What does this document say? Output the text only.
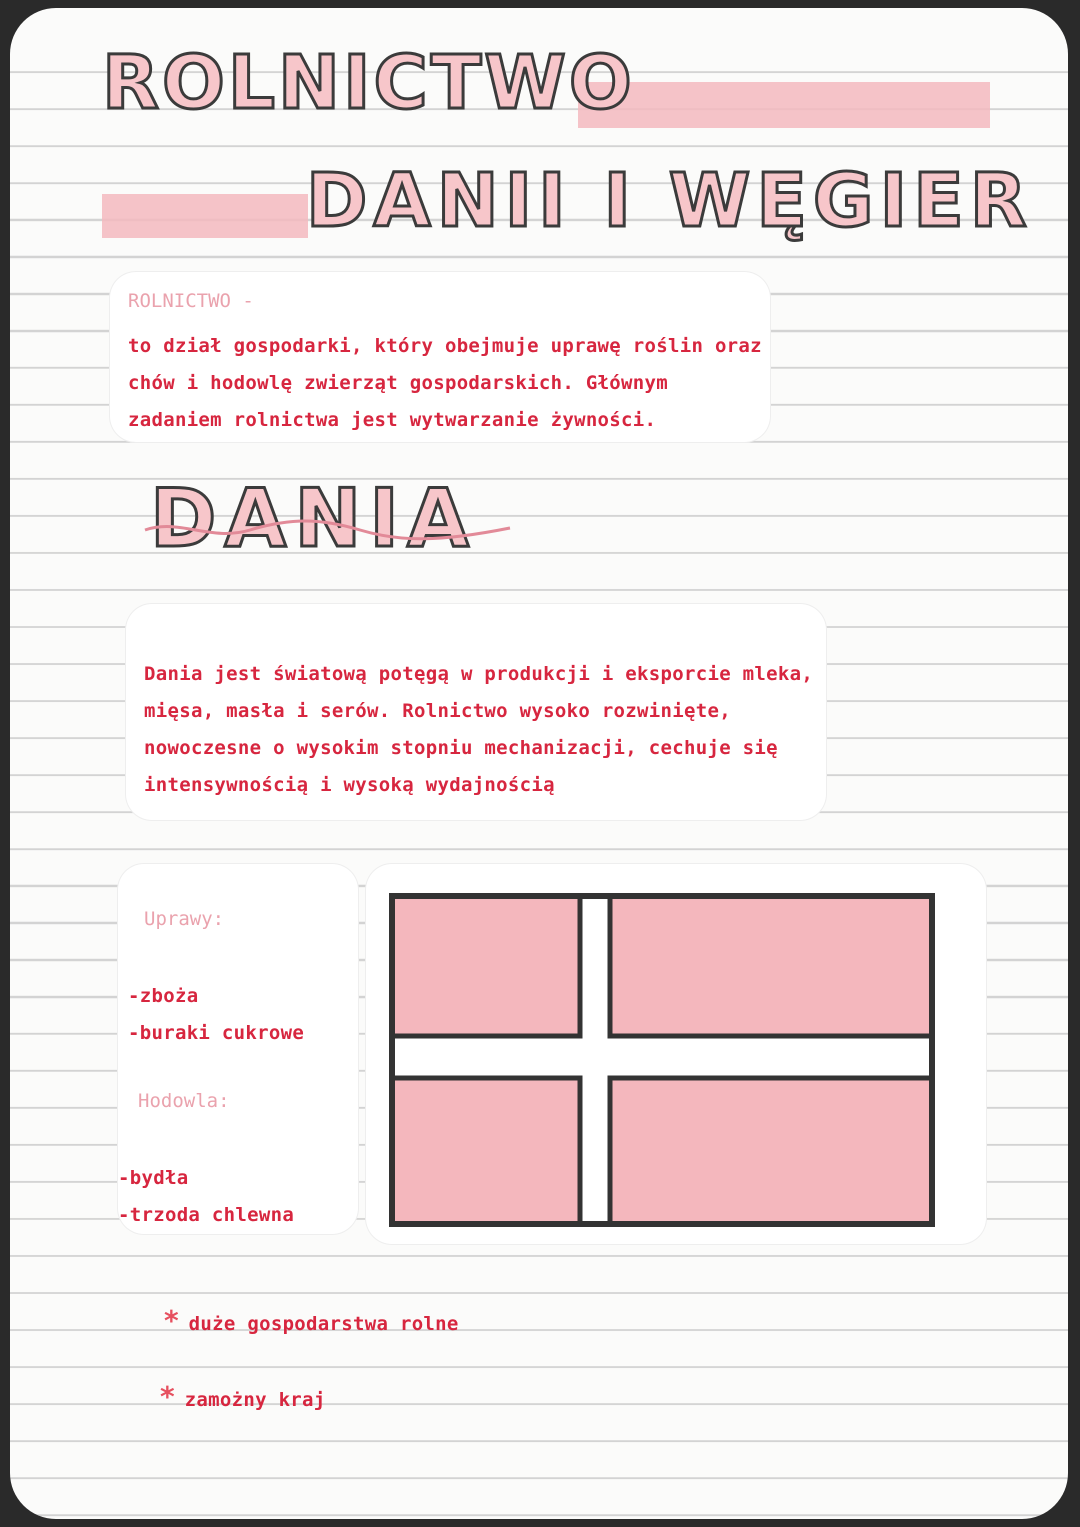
ROLNICTWO
DANII I WĘGIER

ROLNICTWO -

to dział gospodarki, który obejmuje uprawę roślin oraz chów i hodowlę zwierząt gospodarskich. Głównym zadaniem rolnictwa jest wytwarzanie żywności.

DANIA

Dania jest światową potęgą w produkcji i eksporcie mleka, mięsa, masła i serów. Rolnictwo wysoko rozwinięte, nowoczesne o wysokim stopniu mechanizacji, cechuje się intensywnością i wysoką wydajnością

Uprawy:

-zboża
-buraki cukrowe

Hodowla:

-bydła
-trzoda chlewna
* duże gospodarstwa rolne
* zamożny kraj
